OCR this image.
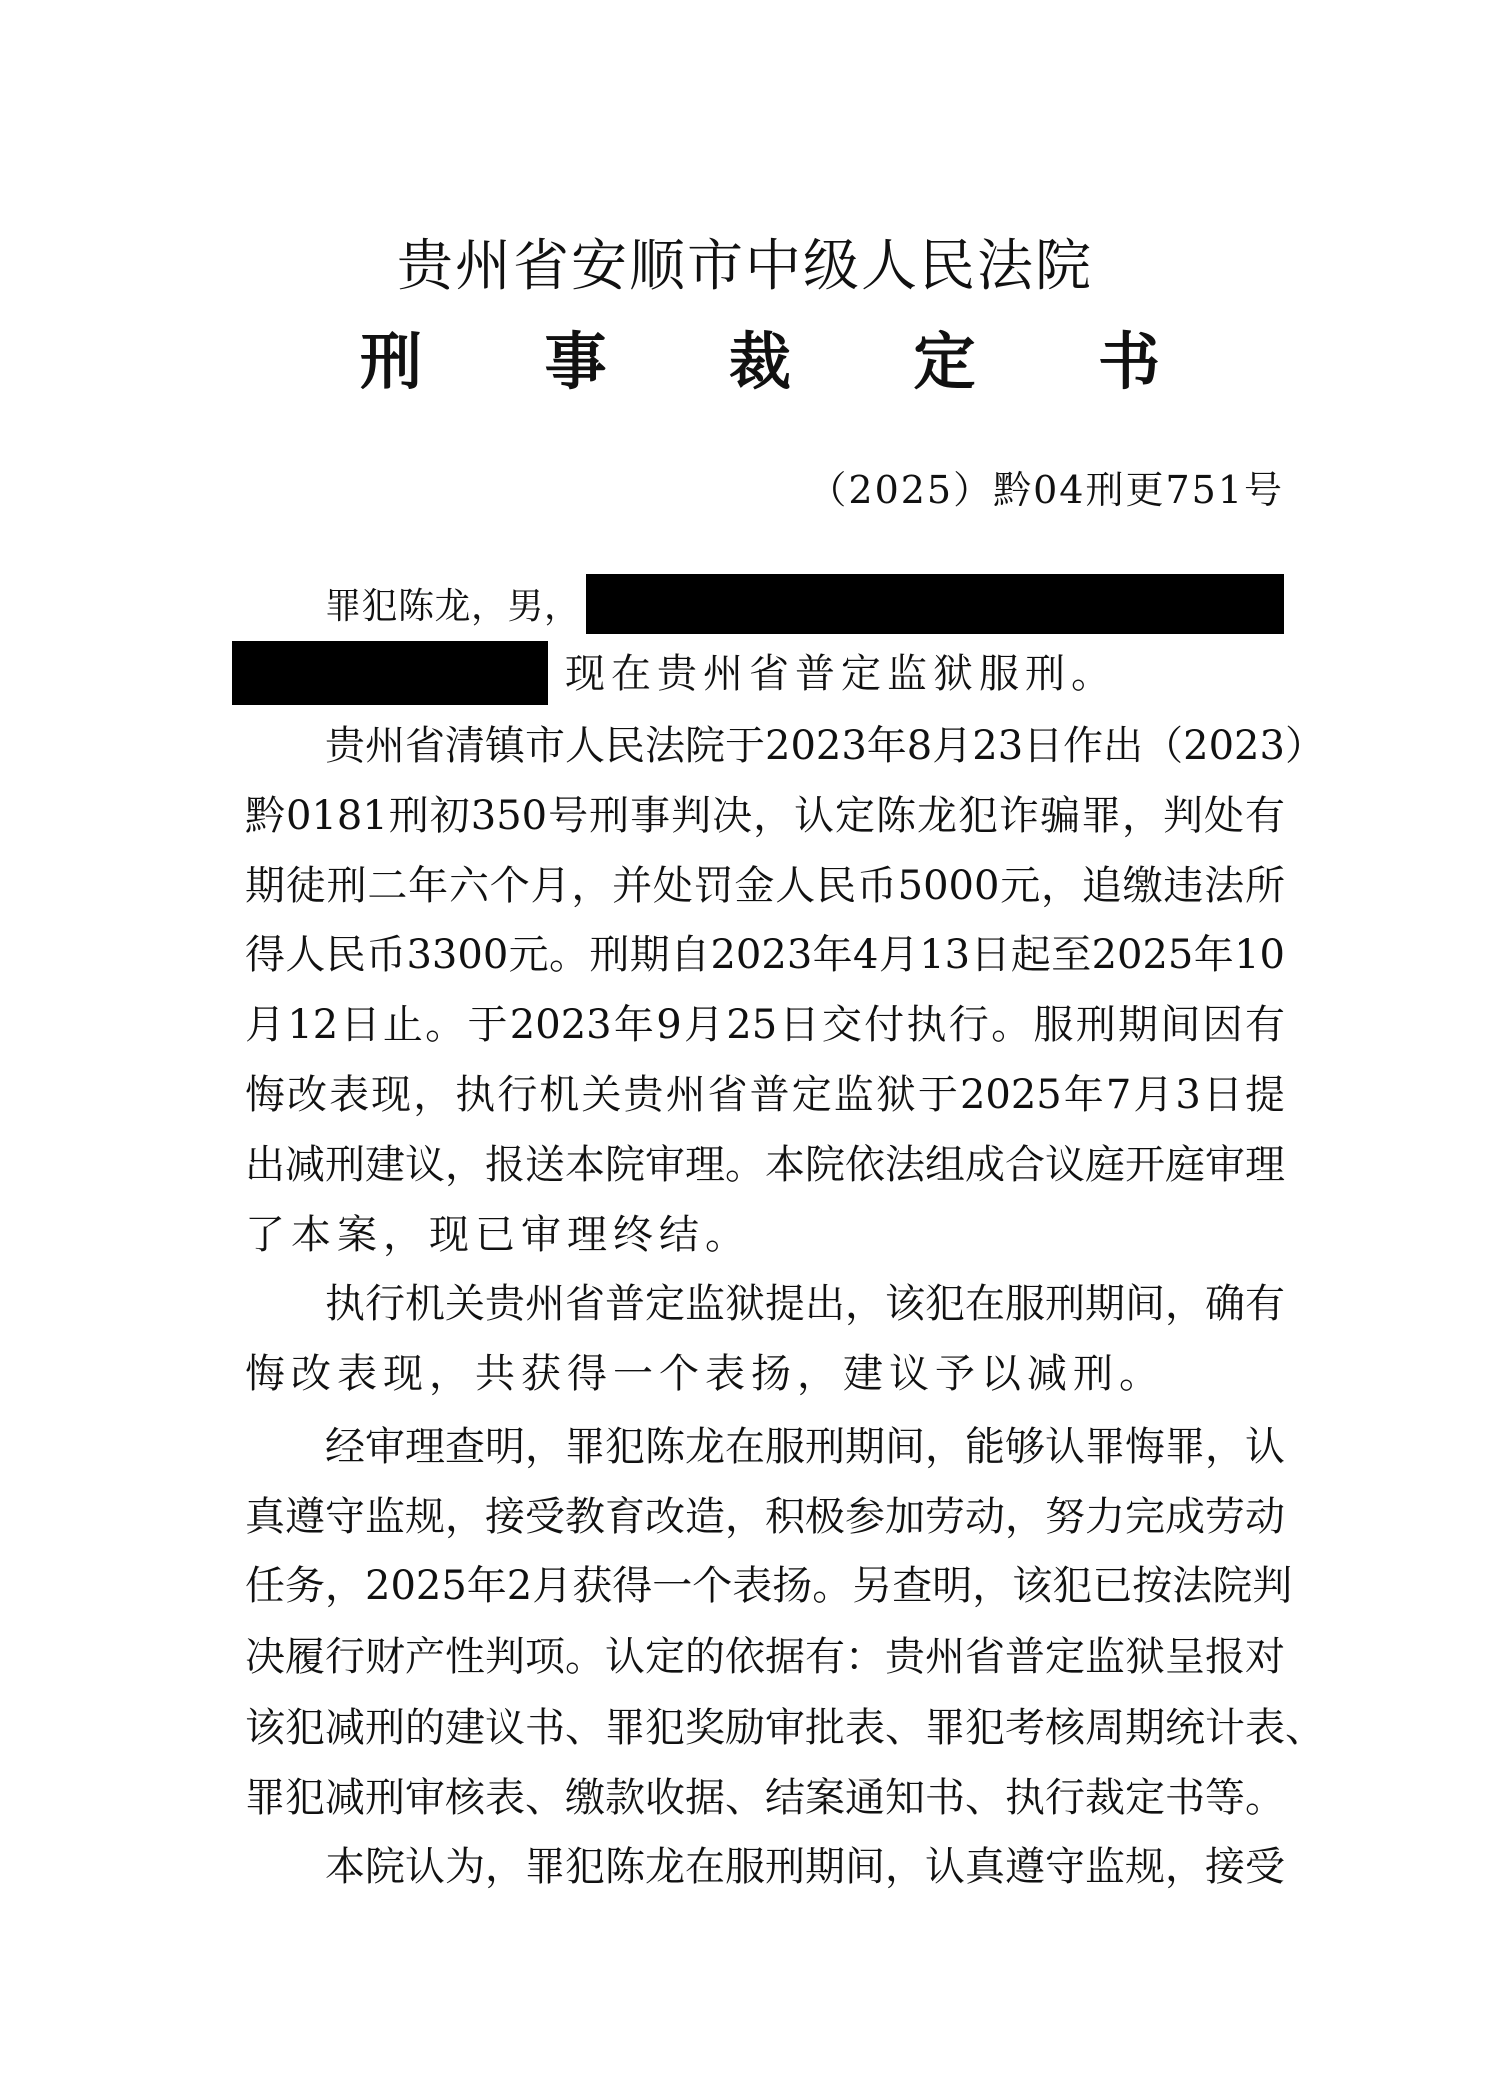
贵州省安顺市中级人民法院
刑 事 裁 定 书
（2025）黔04刑更751号
罪犯陈龙，男，
现在贵州省普定监狱服刑。
贵州省清镇市人民法院于2023年8月23日作出（2023）
黔0181刑初350号刑事判决，认定陈龙犯诈骗罪，判处有
期徒刑二年六个月，并处罚金人民币5000元，追缴违法所
得人民币3300元。刑期自2023年4月13日起至2025年10
月12日止。于2023年9月25日交付执行。服刑期间因有
悔改表现，执行机关贵州省普定监狱于2025年7月3日提
出减刑建议，报送本院审理。本院依法组成合议庭开庭审理
了本案，现已审理终结。
执行机关贵州省普定监狱提出，该犯在服刑期间，确有
悔改表现，共获得一个表扬，建议予以减刑。
经审理查明，罪犯陈龙在服刑期间，能够认罪悔罪，认
真遵守监规，接受教育改造，积极参加劳动，努力完成劳动
任务，2025年2月获得一个表扬。另查明，该犯已按法院判
决履行财产性判项。认定的依据有：贵州省普定监狱呈报对
该犯减刑的建议书、罪犯奖励审批表、罪犯考核周期统计表、
罪犯减刑审核表、缴款收据、结案通知书、执行裁定书等。
本院认为，罪犯陈龙在服刑期间，认真遵守监规，接受
